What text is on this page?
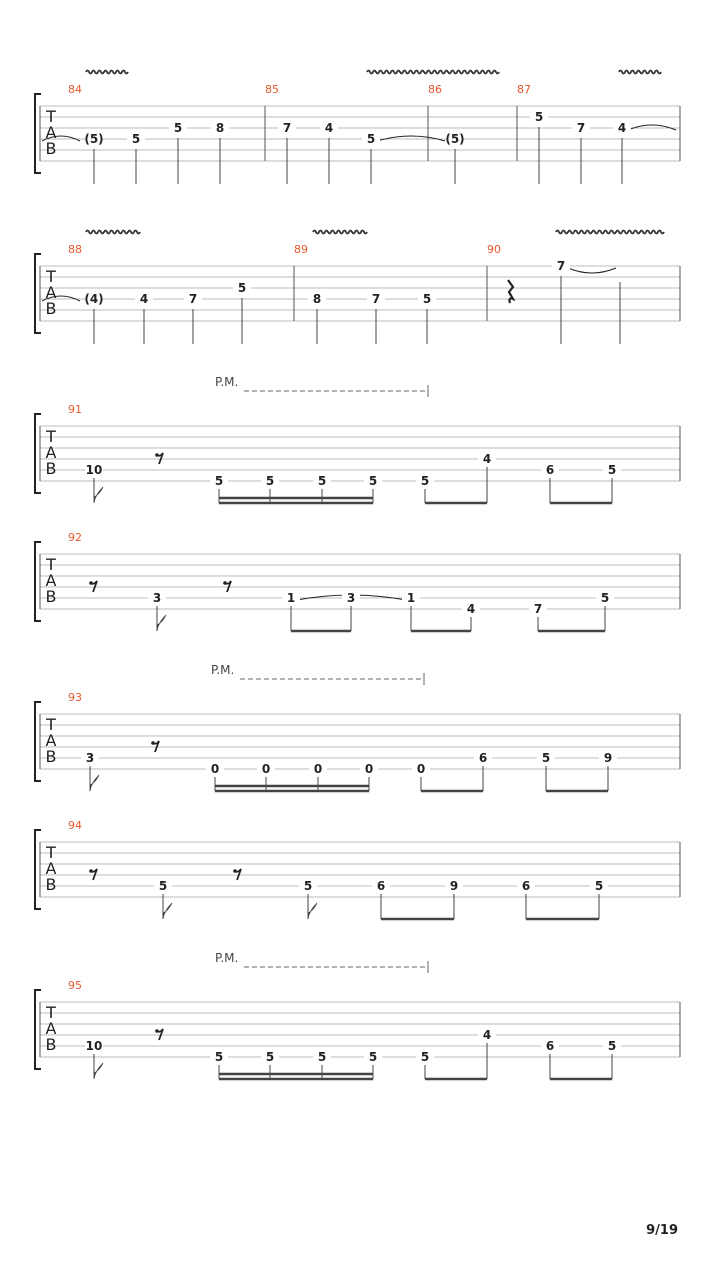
T
A
B
84
(5) 5
5	8
85
7	4
5
86
(5)
87
5
7	4
T
A
B
88
(4)	4	7
5
89
8	7	5
90
7
T
A
B
P.M.
91
10
5	5	5	5	5
4
6	5
T
A
B
92
3	1	3	1
4	7
5
T
A
B
P.M.
93
3
0	0	0	0	0
6	5	9
T
A
B
94
5	5	6	9	6	5
T
A
B
P.M.
95
10
5	5	5	5	5
4
6	5
9/19
